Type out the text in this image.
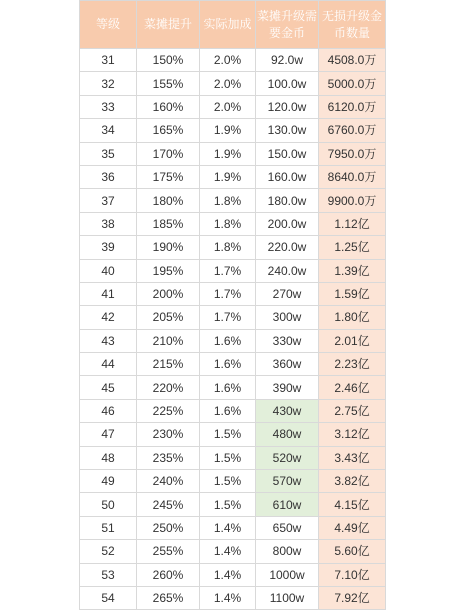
等级	菜摊提升	实际加成	菜摊升级需要金币	无损升级金币数量
31	150%	2.0%	92.0w	4508.0万
32	155%	2.0%	100.0w	5000.0万
33	160%	2.0%	120.0w	6120.0万
34	165%	1.9%	130.0w	6760.0万
35	170%	1.9%	150.0w	7950.0万
36	175%	1.9%	160.0w	8640.0万
37	180%	1.8%	180.0w	9900.0万
38	185%	1.8%	200.0w	1.12亿
39	190%	1.8%	220.0w	1.25亿
40	195%	1.7%	240.0w	1.39亿
41	200%	1.7%	270w	1.59亿
42	205%	1.7%	300w	1.80亿
43	210%	1.6%	330w	2.01亿
44	215%	1.6%	360w	2.23亿
45	220%	1.6%	390w	2.46亿
46	225%	1.6%	430w	2.75亿
47	230%	1.5%	480w	3.12亿
48	235%	1.5%	520w	3.43亿
49	240%	1.5%	570w	3.82亿
50	245%	1.5%	610w	4.15亿
51	250%	1.4%	650w	4.49亿
52	255%	1.4%	800w	5.60亿
53	260%	1.4%	1000w	7.10亿
54	265%	1.4%	1100w	7.92亿
